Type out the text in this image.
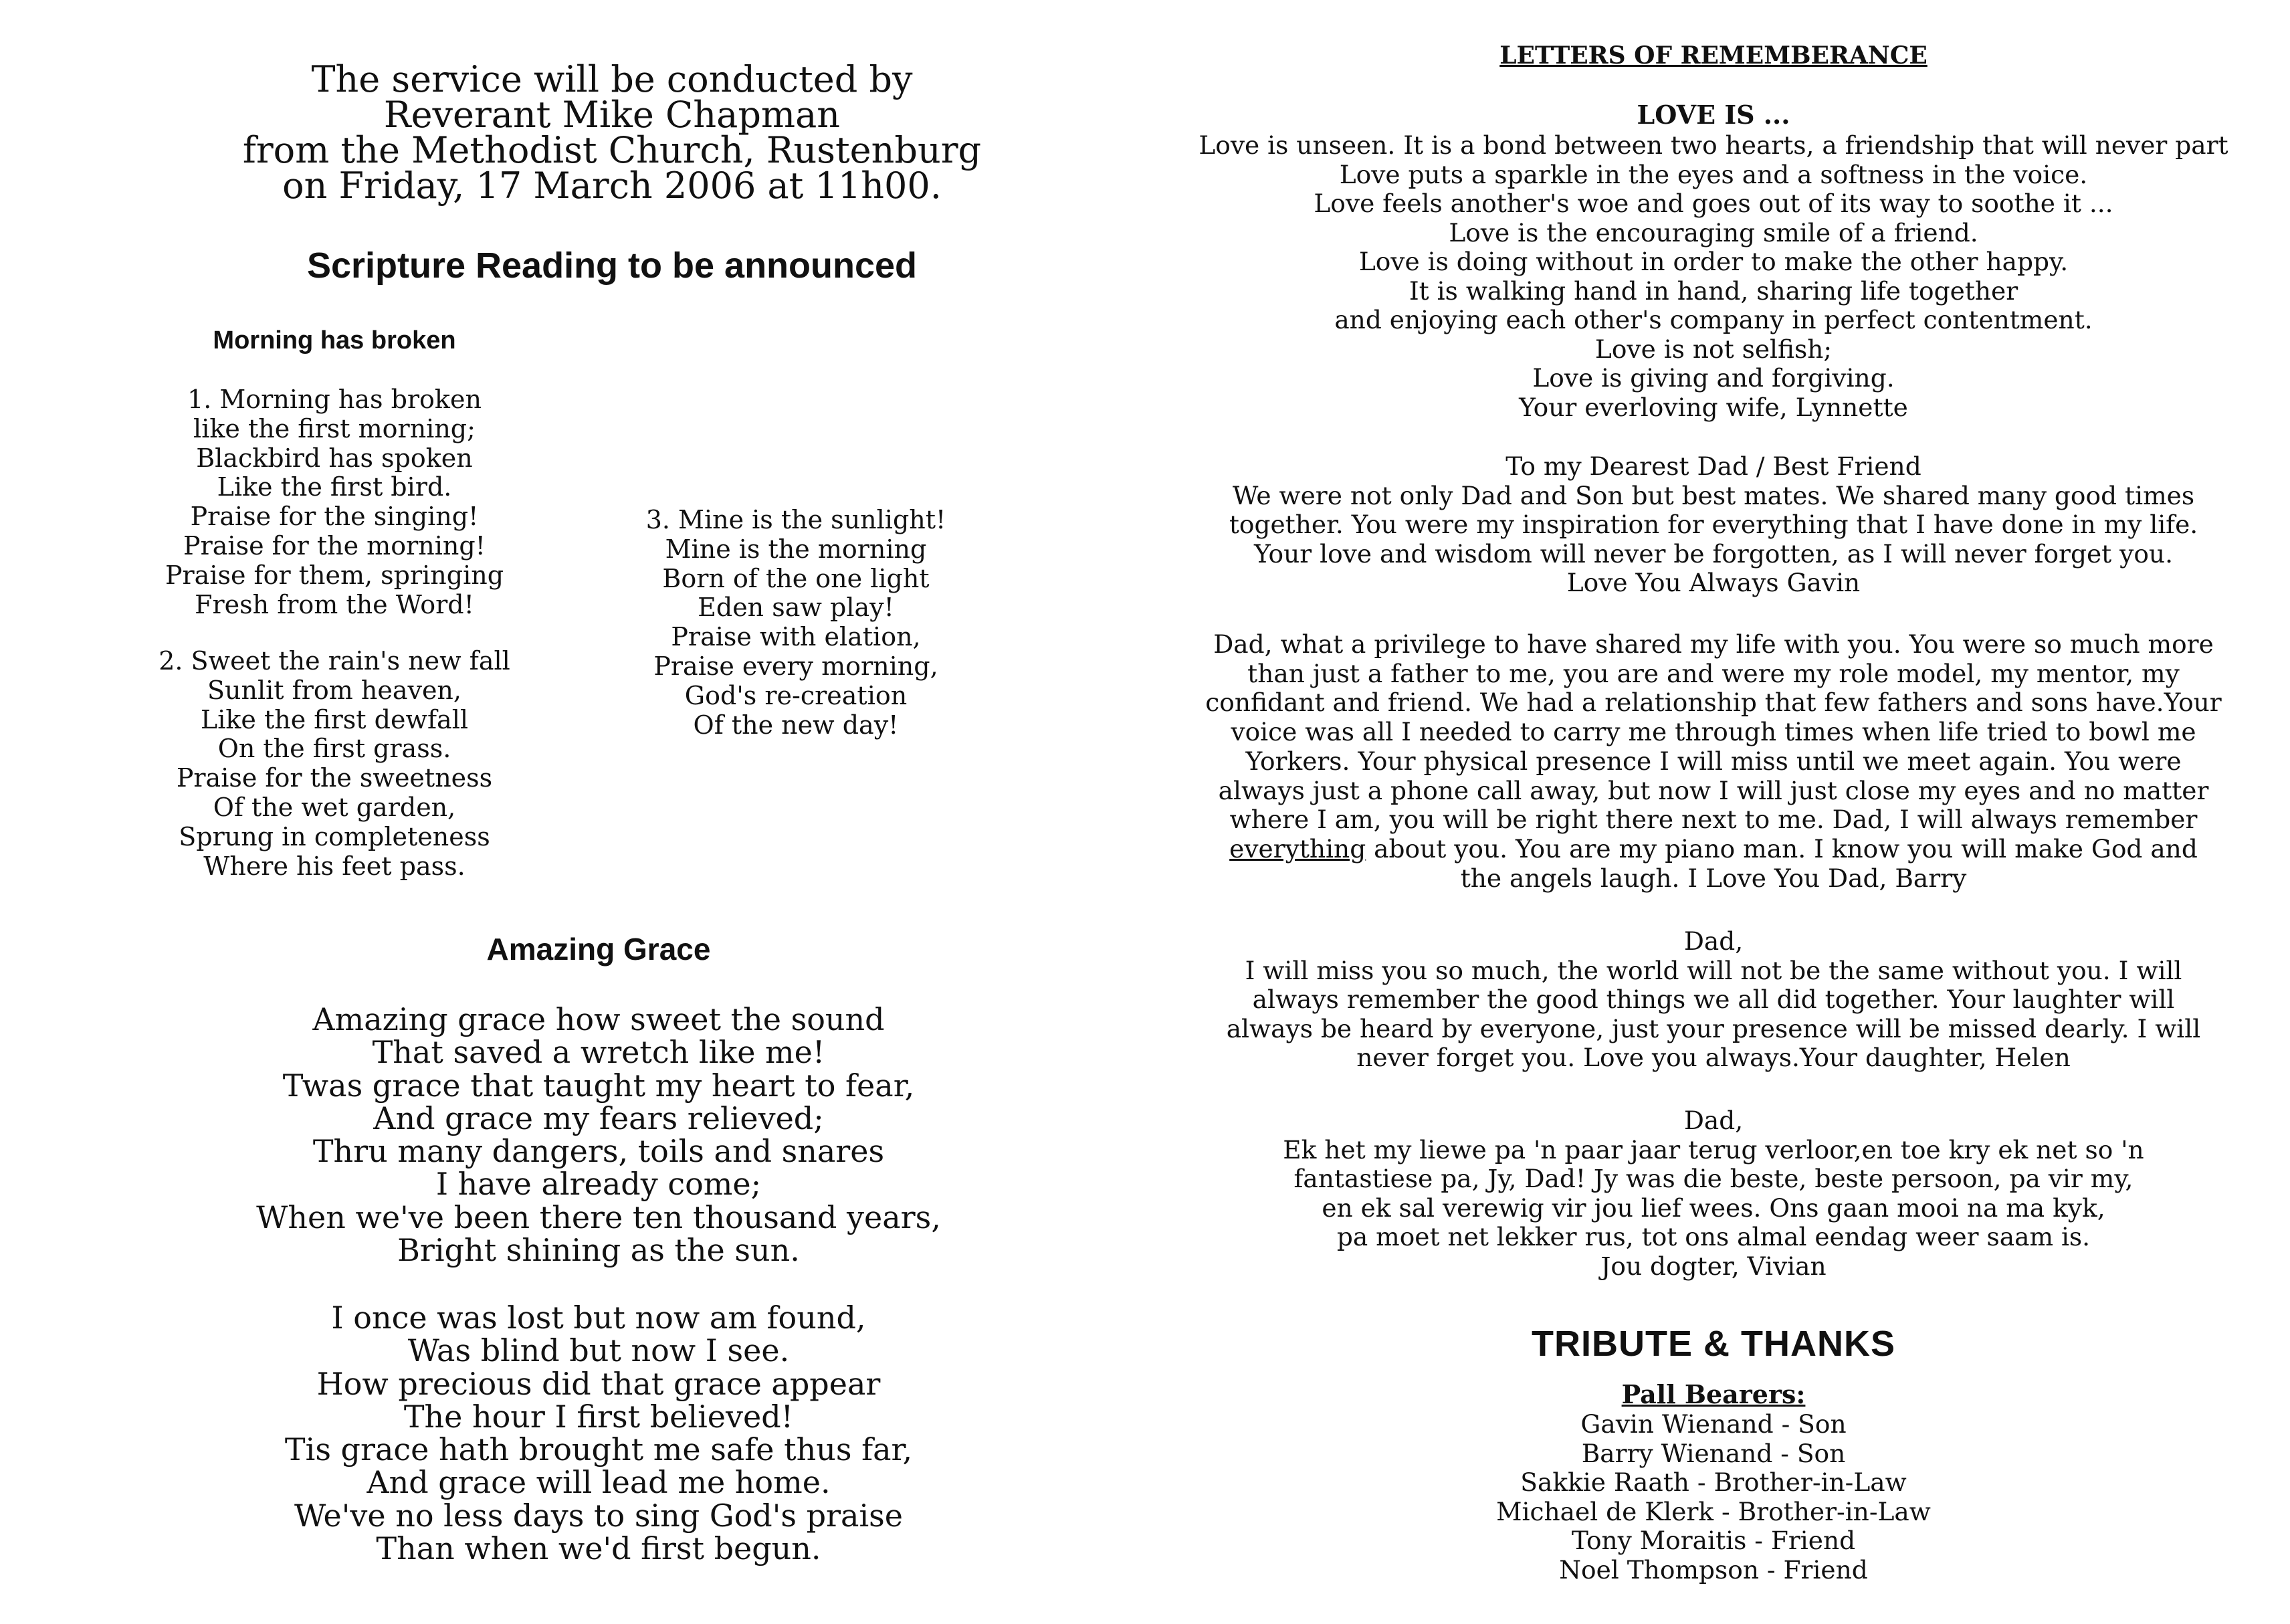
The service will be conducted by
Reverant Mike Chapman
from the Methodist Church, Rustenburg
on Friday, 17 March 2006 at 11h00.
Scripture Reading to be announced
Morning has broken
1. Morning has broken
like the first morning;
Blackbird has spoken
Like the first bird.
Praise for the singing!
Praise for the morning!
Praise for them, springing
Fresh from the Word!
2. Sweet the rain's new fall
Sunlit from heaven,
Like the first dewfall
On the first grass.
Praise for the sweetness
Of the wet garden,
Sprung in completeness
Where his feet pass.
3. Mine is the sunlight!
Mine is the morning
Born of the one light
Eden saw play!
Praise with elation,
Praise every morning,
God's re-creation
Of the new day!
Amazing Grace
Amazing grace how sweet the sound
That saved a wretch like me!
Twas grace that taught my heart to fear,
And grace my fears relieved;
Thru many dangers, toils and snares
I have already come;
When we've been there ten thousand years,
Bright shining as the sun.
I once was lost but now am found,
Was blind but now I see.
How precious did that grace appear
The hour I first believed!
Tis grace hath brought me safe thus far,
And grace will lead me home.
We've no less days to sing God's praise
Than when we'd first begun.
LETTERS OF REMEMBERANCE
LOVE IS ...
Love is unseen. It is a bond between two hearts, a friendship that will never part
Love puts a sparkle in the eyes and a softness in the voice.
Love feels another's woe and goes out of its way to soothe it ...
Love is the encouraging smile of a friend.
Love is doing without in order to make the other happy.
It is walking hand in hand, sharing life together
and enjoying each other's company in perfect contentment.
Love is not selfish;
Love is giving and forgiving.
Your everloving wife, Lynnette
To my Dearest Dad / Best Friend
We were not only Dad and Son but best mates. We shared many good times
together. You were my inspiration for everything that I have done in my life.
Your love and wisdom will never be forgotten, as I will never forget you.
Love You Always Gavin
Dad, what a privilege to have shared my life with you. You were so much more
than just a father to me, you are and were my role model, my mentor, my
confidant and friend. We had a relationship that few fathers and sons have.Your
voice was all I needed to carry me through times when life tried to bowl me
Yorkers. Your physical presence I will miss until we meet again. You were
always just a phone call away, but now I will just close my eyes and no matter
where I am, you will be right there next to me. Dad, I will always remember
everything about you. You are my piano man. I know you will make God and
the angels laugh. I Love You Dad, Barry
Dad,
I will miss you so much, the world will not be the same without you. I will
always remember the good things we all did together. Your laughter will
always be heard by everyone, just your presence will be missed dearly. I will
never forget you. Love you always.Your daughter, Helen
Dad,
Ek het my liewe pa 'n paar jaar terug verloor,en toe kry ek net so 'n
fantastiese pa, Jy, Dad! Jy was die beste, beste persoon, pa vir my,
en ek sal verewig vir jou lief wees. Ons gaan mooi na ma kyk,
pa moet net lekker rus, tot ons almal eendag weer saam is.
Jou dogter, Vivian
TRIBUTE & THANKS
Pall Bearers:
Gavin Wienand - Son
Barry Wienand - Son
Sakkie Raath - Brother-in-Law
Michael de Klerk - Brother-in-Law
Tony Moraitis - Friend
Noel Thompson - Friend
